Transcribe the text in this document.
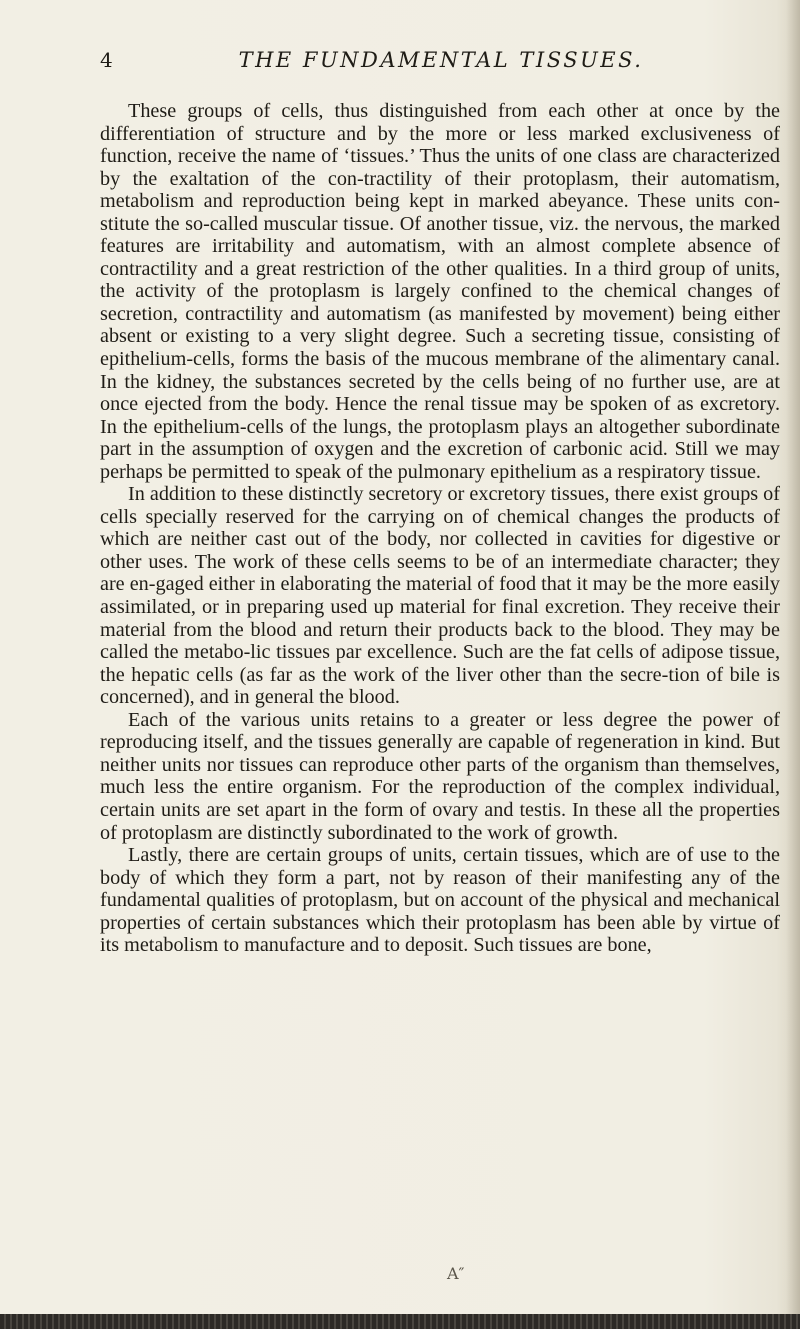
4	THE FUNDAMENTAL TISSUES.

These groups of cells, thus distinguished from each other at once by the differentiation of structure and by the more or less marked exclusiveness of function, receive the name of ‘tissues.’ Thus the units of one class are characterized by the exaltation of the con-tractility of their protoplasm, their automatism, metabolism and reproduction being kept in marked abeyance. These units con-stitute the so-called muscular tissue. Of another tissue, viz. the nervous, the marked features are irritability and automatism, with an almost complete absence of contractility and a great restriction of the other qualities. In a third group of units, the activity of the protoplasm is largely confined to the chemical changes of secretion, contractility and automatism (as manifested by movement) being either absent or existing to a very slight degree. Such a secreting tissue, consisting of epithelium-cells, forms the basis of the mucous membrane of the alimentary canal. In the kidney, the substances secreted by the cells being of no further use, are at once ejected from the body. Hence the renal tissue may be spoken of as excretory. In the epithelium-cells of the lungs, the protoplasm plays an altogether subordinate part in the assumption of oxygen and the excretion of carbonic acid. Still we may perhaps be permitted to speak of the pulmonary epithelium as a respiratory tissue.

In addition to these distinctly secretory or excretory tissues, there exist groups of cells specially reserved for the carrying on of chemical changes the products of which are neither cast out of the body, nor collected in cavities for digestive or other uses. The work of these cells seems to be of an intermediate character; they are en-gaged either in elaborating the material of food that it may be the more easily assimilated, or in preparing used up material for final excretion. They receive their material from the blood and return their products back to the blood. They may be called the metabo-lic tissues par excellence. Such are the fat cells of adipose tissue, the hepatic cells (as far as the work of the liver other than the secre-tion of bile is concerned), and in general the blood.

Each of the various units retains to a greater or less degree the power of reproducing itself, and the tissues generally are capable of regeneration in kind. But neither units nor tissues can reproduce other parts of the organism than themselves, much less the entire organism. For the reproduction of the complex individual, certain units are set apart in the form of ovary and testis. In these all the properties of protoplasm are distinctly subordinated to the work of growth.

Lastly, there are certain groups of units, certain tissues, which are of use to the body of which they form a part, not by reason of their manifesting any of the fundamental qualities of protoplasm, but on account of the physical and mechanical properties of certain substances which their protoplasm has been able by virtue of its metabolism to manufacture and to deposit. Such tissues are bone,

A″
